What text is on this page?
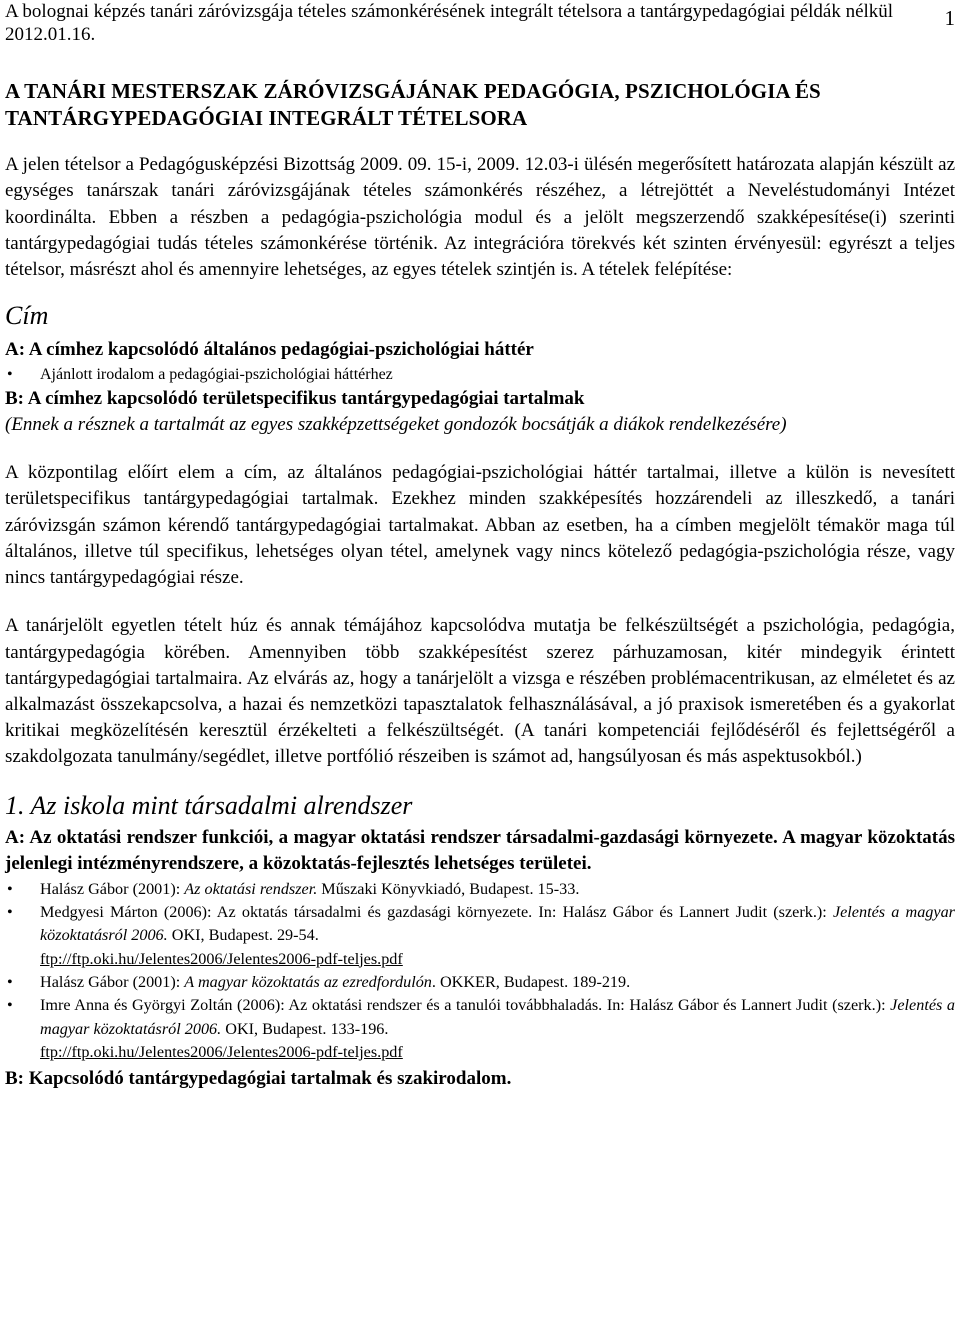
A bolognai képzés tanári záróvizsgája tételes számonkérésének integrált tételsora a tantárgypedagógiai példák nélkül 2012.01.16.

1
A TANÁRI MESTERSZAK ZÁRÓVIZSGÁJÁNAK PEDAGÓGIA, PSZICHOLÓGIA ÉS TANTÁRGYPEDAGÓGIAI INTEGRÁLT TÉTELSORA

A jelen tételsor a Pedagógusképzési Bizottság 2009. 09. 15-i, 2009. 12.03-i ülésén megerősített határozata alapján készült az egységes tanárszak tanári záróvizsgájának tételes számonkérés részéhez, a létrejöttét a Neveléstudományi Intézet koordinálta. Ebben a részben a pedagógia-pszichológia modul és a jelölt megszerzendő szakképesítése(i) szerinti tantárgypedagógiai tudás tételes számonkérése történik. Az integrációra törekvés két szinten érvényesül: egyrészt a teljes tételsor, másrészt ahol és amennyire lehetséges, az egyes tételek szintjén is. A tételek felépítése:

Cím
A: A címhez kapcsolódó általános pedagógiai-pszichológiai háttér
• Ajánlott irodalom a pedagógiai-pszichológiai háttérhez
B: A címhez kapcsolódó területspecifikus tantárgypedagógiai tartalmak

(Ennek a résznek a tartalmát az egyes szakképzettségeket gondozók bocsátják a diákok rendelkezésére)

A központilag előírt elem a cím, az általános pedagógiai-pszichológiai háttér tartalmai, illetve a külön is nevesített területspecifikus tantárgypedagógiai tartalmak. Ezekhez minden szakképesítés hozzárendeli az illeszkedő, a tanári záróvizsgán számon kérendő tantárgypedagógiai tartalmakat. Abban az esetben, ha a címben megjelölt témakör maga túl általános, illetve túl specifikus, lehetséges olyan tétel, amelynek vagy nincs kötelező pedagógia-pszichológia része, vagy nincs tantárgypedagógiai része.

A tanárjelölt egyetlen tételt húz és annak témájához kapcsolódva mutatja be felkészültségét a pszichológia, pedagógia, tantárgypedagógia körében. Amennyiben több szakképesítést szerez párhuzamosan, kitér mindegyik érintett tantárgypedagógiai tartalmaira. Az elvárás az, hogy a tanárjelölt a vizsga e részében problémacentrikusan, az elméletet és az alkalmazást összekapcsolva, a hazai és nemzetközi tapasztalatok felhasználásával, a jó praxisok ismeretében és a gyakorlat kritikai megközelítésén keresztül érzékelteti a felkészültségét. (A tanári kompetenciái fejlődéséről és fejlettségéről a szakdolgozata tanulmány/segédlet, illetve portfólió részeiben is számot ad, hangsúlyosan és más aspektusokból.)

1. Az iskola mint társadalmi alrendszer

A: Az oktatási rendszer funkciói, a magyar oktatási rendszer társadalmi-gazdasági környezete. A magyar közoktatás jelenlegi intézményrendszere, a közoktatás-fejlesztés lehetséges területei.

• Halász Gábor (2001): Az oktatási rendszer. Műszaki Könyvkiadó, Budapest. 15-33.
• Medgyesi Márton (2006): Az oktatás társadalmi és gazdasági környezete. In: Halász Gábor és Lannert Judit (szerk.): Jelentés a magyar közoktatásról 2006. OKI, Budapest. 29-54.
ftp://ftp.oki.hu/Jelentes2006/Jelentes2006-pdf-teljes.pdf
• Halász Gábor (2001): A magyar közoktatás az ezredfordulón. OKKER, Budapest. 189-219.
• Imre Anna és Györgyi Zoltán (2006): Az oktatási rendszer és a tanulói továbbhaladás. In: Halász Gábor és Lannert Judit (szerk.): Jelentés a magyar közoktatásról 2006. OKI, Budapest. 133-196.
ftp://ftp.oki.hu/Jelentes2006/Jelentes2006-pdf-teljes.pdf
B: Kapcsolódó tantárgypedagógiai tartalmak és szakirodalom.
